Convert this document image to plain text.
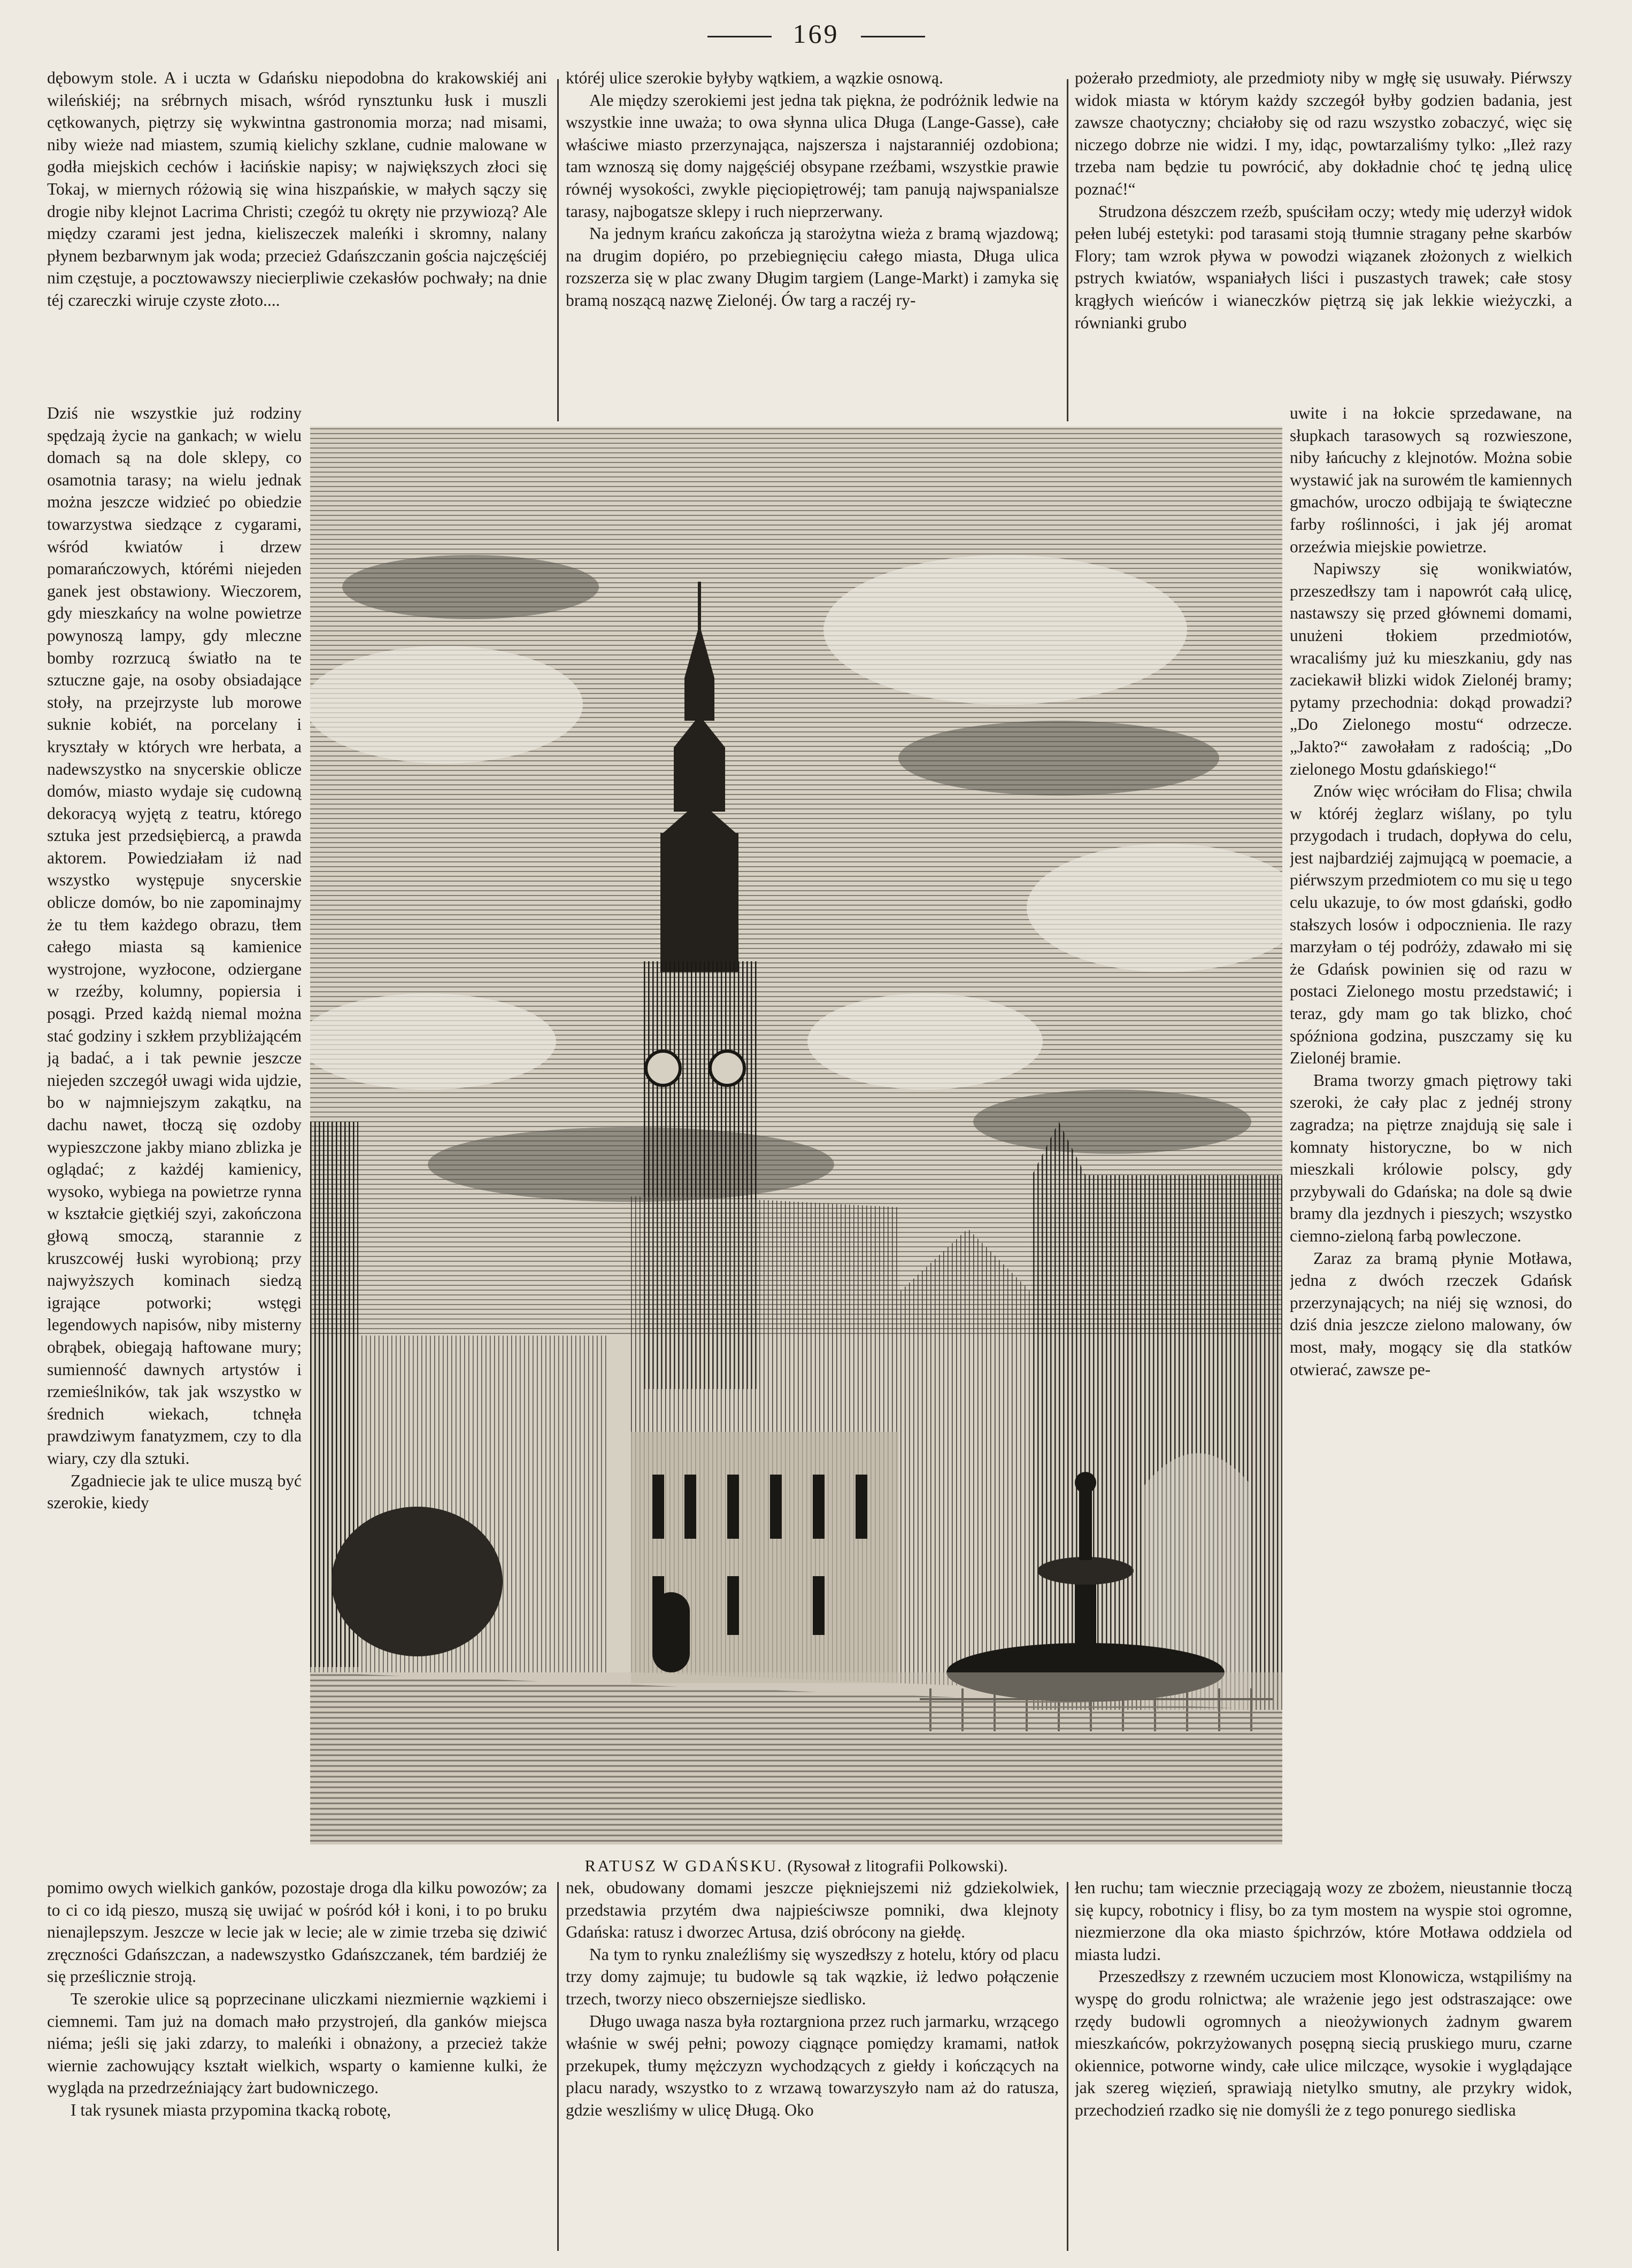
169

dębowym stole. A i uczta w Gdańsku niepodobna do krakowskiéj ani wileńskiéj; na srébrnych misach, wśród rynsztunku łusk i muszli cętkowanych, piętrzy się wykwintna gastronomia morza; nad misami, niby wieże nad miastem, szumią kielichy szklane, cudnie malowane w godła miejskich cechów i łacińskie napisy; w największych złoci się Tokaj, w miernych różowią się wina hiszpańskie, w małych sączy się drogie niby klejnot Lacrima Christi; czegóż tu okręty nie przywiozą? Ale między czarami jest jedna, kieliszeczek maleńki i skromny, nalany płynem bezbarwnym jak woda; przecież Gdańszczanin gościa najczęściéj nim częstuje, a pocztowawszy niecierpliwie czekasłów pochwały; na dnie téj czareczki wiruje czyste złoto....

któréj ulice szerokie byłyby wątkiem, a wązkie osnową.

Ale między szerokiemi jest jedna tak piękna, że podróżnik ledwie na wszystkie inne uważa; to owa słynna ulica Długa (Lange-Gasse), całe właściwe miasto przerzynająca, najszersza i najstaranniéj ozdobiona; tam wznoszą się domy najgęściéj obsypane rzeźbami, wszystkie prawie równéj wysokości, zwykle pięciopiętrowéj; tam panują najwspanialsze tarasy, najbogatsze sklepy i ruch nieprzerwany.

Na jednym krańcu zakończa ją starożytna wieża z bramą wjazdową; na drugim dopiéro, po przebiegnięciu całego miasta, Długa ulica rozszerza się w plac zwany Długim targiem (Lange-Markt) i zamyka się bramą noszącą nazwę Zielonéj. Ów targ a raczéj ry-

pożerało przedmioty, ale przedmioty niby w mgłę się usuwały. Piérwszy widok miasta w którym każdy szczegół byłby godzien badania, jest zawsze chaotyczny; chciałoby się od razu wszystko zobaczyć, więc się niczego dobrze nie widzi. I my, idąc, powtarzaliśmy tylko: „Ileż razy trzeba nam będzie tu powrócić, aby dokładnie choć tę jedną ulicę poznać!“

Strudzona dészczem rzeźb, spuściłam oczy; wtedy mię uderzył widok pełen lubéj estetyki: pod tarasami stoją tłumnie stragany pełne skarbów Flory; tam wzrok pływa w powodzi wiązanek złożonych z wielkich pstrych kwiatów, wspaniałych liści i puszastych trawek; całe stosy krągłych wieńców i wianeczków piętrzą się jak lekkie wieżyczki, a równianki grubo

Dziś nie wszystkie już rodziny spędzają życie na gankach; w wielu domach są na dole sklepy, co osamotnia tarasy; na wielu jednak można jeszcze widzieć po obiedzie towarzystwa siedzące z cygarami, wśród kwiatów i drzew pomarańczowych, którémi niejeden ganek jest obstawiony. Wieczorem, gdy mieszkańcy na wolne powietrze powynoszą lampy, gdy mleczne bomby rozrzucą światło na te sztuczne gaje, na osoby obsiadające stoły, na przejrzyste lub morowe suknie kobiét, na porcelany i kryształy w których wre herbata, a nadewszystko na snycerskie oblicze domów, miasto wydaje się cudowną dekoracyą wyjętą z teatru, którego sztuka jest przedsiębiercą, a prawda aktorem. Powiedziałam iż nad wszystko występuje snycerskie oblicze domów, bo nie zapominajmy że tu tłem każdego obrazu, tłem całego miasta są kamienice wystrojone, wyzłocone, odziergane w rzeźby, kolumny, popiersia i posągi. Przed każdą niemal można stać godziny i szkłem przybliżającém ją badać, a i tak pewnie jeszcze niejeden szczegół uwagi wida ujdzie, bo w najmniejszym zakątku, na dachu nawet, tłoczą się ozdoby wypieszczone jakby miano zblizka je oglądać; z każdéj kamienicy, wysoko, wybiega na powietrze rynna w kształcie giętkiéj szyi, zakończona głową smoczą, starannie z kruszcowéj łuski wyrobioną; przy najwyższych kominach siedzą igrające potworki; wstęgi legendowych napisów, niby misterny obrąbek, obiegają haftowane mury; sumienność dawnych artystów i rzemieślników, tak jak wszystko w średnich wiekach, tchnęła prawdziwym fanatyzmem, czy to dla wiary, czy dla sztuki.

Zgadniecie jak te ulice muszą być szerokie, kiedy

uwite i na łokcie sprzedawane, na słupkach tarasowych są rozwieszone, niby łańcuchy z klejnotów. Można sobie wystawić jak na surowém tle kamiennych gmachów, uroczo odbijają te świąteczne farby roślinności, i jak jéj aromat orzeźwia miejskie powietrze.

Napiwszy się wonikwiatów, przeszedłszy tam i napowrót całą ulicę, nastawszy się przed głównemi domami, unużeni tłokiem przedmiotów, wracaliśmy już ku mieszkaniu, gdy nas zaciekawił blizki widok Zielonéj bramy; pytamy przechodnia: dokąd prowadzi? „Do Zielonego mostu“ odrzecze. „Jakto?“ zawołałam z radością; „Do zielonego Mostu gdańskiego!“

Znów więc wróciłam do Flisa; chwila w któréj żeglarz wiślany, po tylu przygodach i trudach, dopływa do celu, jest najbardziéj zajmującą w poemacie, a piérwszym przedmiotem co mu się u tego celu ukazuje, to ów most gdański, godło stałszych losów i odpocznienia. Ile razy marzyłam o téj podróży, zdawało mi się że Gdańsk powinien się od razu w postaci Zielonego mostu przedstawić; i teraz, gdy mam go tak blizko, choć spóźniona godzina, puszczamy się ku Zielonéj bramie.

Brama tworzy gmach piętrowy taki szeroki, że cały plac z jednéj strony zagradza; na piętrze znajdują się sale i komnaty historyczne, bo w nich mieszkali królowie polscy, gdy przybywali do Gdańska; na dole są dwie bramy dla jezdnych i pieszych; wszystko ciemno-zieloną farbą powleczone.

Zaraz za bramą płynie Motława, jedna z dwóch rzeczek Gdańsk przerzynających; na niéj się wznosi, do dziś dnia jeszcze zielono malowany, ów most, mały, mogący się dla statków otwierać, zawsze pe-

RATUSZ W GDAŃSKU. (Rysował z litografii Polkowski).

pomimo owych wielkich ganków, pozostaje droga dla kilku powozów; za to ci co idą pieszo, muszą się uwijać w pośród kół i koni, i to po bruku nienajlepszym. Jeszcze w lecie jak w lecie; ale w zimie trzeba się dziwić zręczności Gdańszczan, a nadewszystko Gdańszczanek, tém bardziéj że się prześlicznie stroją.

Te szerokie ulice są poprzecinane uliczkami niezmiernie wązkiemi i ciemnemi. Tam już na domach mało przystrojeń, dla ganków miejsca niéma; jeśli się jaki zdarzy, to maleńki i obnażony, a przecież także wiernie zachowujący kształt wielkich, wsparty o kamienne kulki, że wygląda na przedrzeźniający żart budowniczego.

I tak rysunek miasta przypomina tkacką robotę,

nek, obudowany domami jeszcze piękniejszemi niż gdziekolwiek, przedstawia przytém dwa najpieściwsze pomniki, dwa klejnoty Gdańska: ratusz i dworzec Artusa, dziś obrócony na giełdę.

Na tym to rynku znaleźliśmy się wyszedłszy z hotelu, który od placu trzy domy zajmuje; tu budowle są tak wązkie, iż ledwo połączenie trzech, tworzy nieco obszerniejsze siedlisko.

Długo uwaga nasza była roztargniona przez ruch jarmarku, wrzącego właśnie w swéj pełni; powozy ciągnące pomiędzy kramami, natłok przekupek, tłumy mężczyzn wychodzących z giełdy i kończących na placu narady, wszystko to z wrzawą towarzyszyło nam aż do ratusza, gdzie weszliśmy w ulicę Długą. Oko

łen ruchu; tam wiecznie przeciągają wozy ze zbożem, nieustannie tłoczą się kupcy, robotnicy i flisy, bo za tym mostem na wyspie stoi ogromne, niezmierzone dla oka miasto śpichrzów, które Motława oddziela od miasta ludzi.

Przeszedłszy z rzewném uczuciem most Klonowicza, wstąpiliśmy na wyspę do grodu rolnictwa; ale wrażenie jego jest odstraszające: owe rzędy budowli ogromnych a nieożywionych żadnym gwarem mieszkańców, pokrzyżowanych posępną siecią pruskiego muru, czarne okiennice, potworne windy, całe ulice milczące, wysokie i wyglądające jak szereg więzień, sprawiają nietylko smutny, ale przykry widok, przechodzień rzadko się nie domyśli że z tego ponurego siedliska
